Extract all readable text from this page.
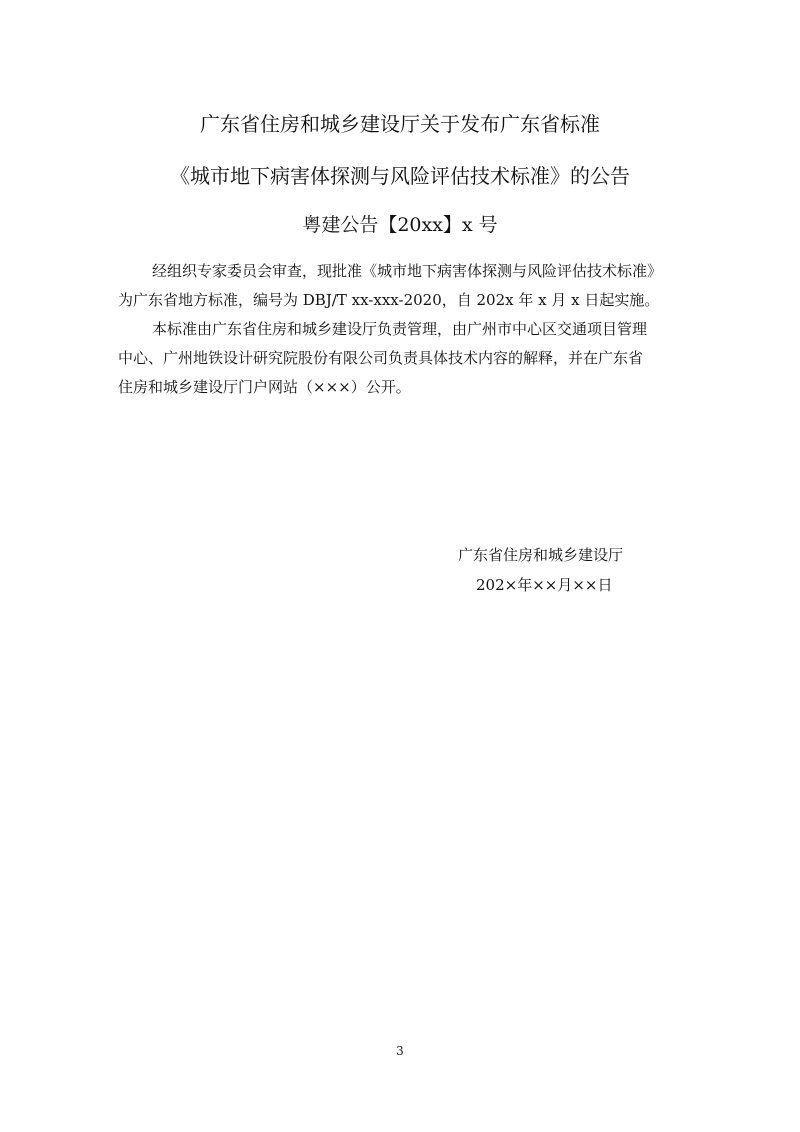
广东省住房和城乡建设厅关于发布广东省标准
《城市地下病害体探测与风险评估技术标准》的公告
粤建公告【20xx】x 号
经组织专家委员会审查，现批准《城市地下病害体探测与风险评估技术标准》
为广东省地方标准，编号为 DBJ/T xx-xxx-2020，自 202x 年 x 月 x 日起实施。
本标准由广东省住房和城乡建设厅负责管理，由广州市中心区交通项目管理
中心、广州地铁设计研究院股份有限公司负责具体技术内容的解释，并在广东省
住房和城乡建设厅门户网站（×××）公开。
广东省住房和城乡建设厅
202×年××月××日
3
